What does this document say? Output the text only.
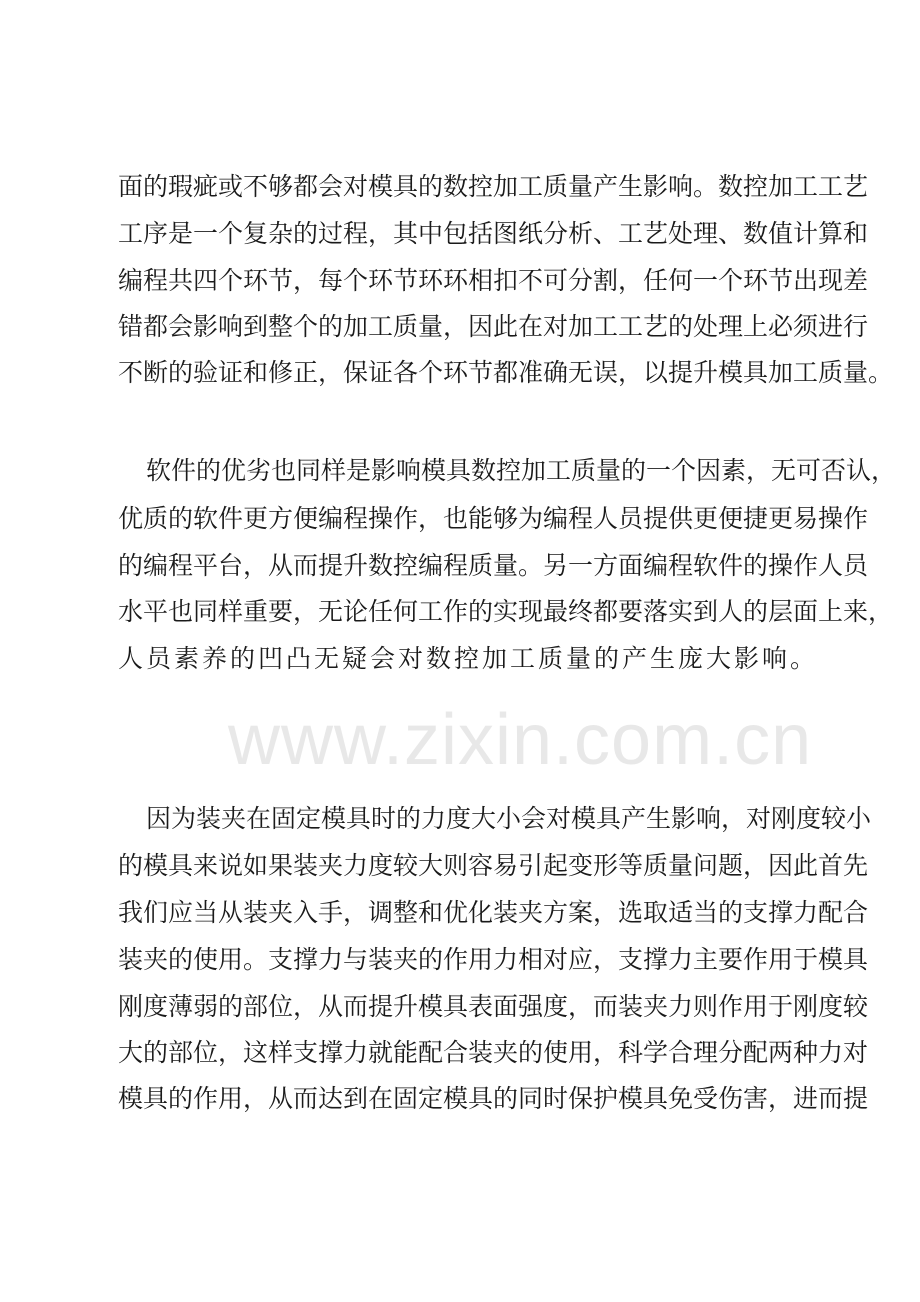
www.zixin.com.cn
面的瑕疵或不够都会对模具的数控加工质量产生影响。数控加工工艺
工序是一个复杂的过程，其中包括图纸分析、工艺处理、数值计算和
编程共四个环节，每个环节环环相扣不可分割，任何一个环节出现差
错都会影响到整个的加工质量，因此在对加工工艺的处理上必须进行
不断的验证和修正，保证各个环节都准确无误，以提升模具加工质量。
软件的优劣也同样是影响模具数控加工质量的一个因素，无可否认，
优质的软件更方便编程操作，也能够为编程人员提供更便捷更易操作
的编程平台，从而提升数控编程质量。另一方面编程软件的操作人员
水平也同样重要，无论任何工作的实现最终都要落实到人的层面上来，
人员素养的凹凸无疑会对数控加工质量的产生庞大影响。
因为装夹在固定模具时的力度大小会对模具产生影响，对刚度较小
的模具来说如果装夹力度较大则容易引起变形等质量问题，因此首先
我们应当从装夹入手，调整和优化装夹方案，选取适当的支撑力配合
装夹的使用。支撑力与装夹的作用力相对应，支撑力主要作用于模具
刚度薄弱的部位，从而提升模具表面强度，而装夹力则作用于刚度较
大的部位，这样支撑力就能配合装夹的使用，科学合理分配两种力对
模具的作用，从而达到在固定模具的同时保护模具免受伤害，进而提
